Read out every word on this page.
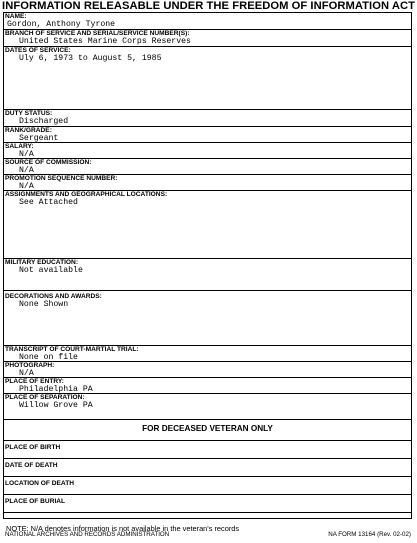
INFORMATION RELEASABLE UNDER THE FREEDOM OF INFORMATION ACT
NAME:
Gordon, Anthony Tyrone
BRANCH OF SERVICE AND SERIAL/SERVICE NUMBER(S):
United States Marine Corps Reserves
DATES OF SERVICE:
Uly 6, 1973 to August 5, 1985
DUTY STATUS:
Discharged
RANK/GRADE:
Sergeant
SALARY:
N/A
SOURCE OF COMMISSION:
N/A
PROMOTION SEQUENCE NUMBER:
N/A
ASSIGNMENTS AND GEOGRAPHICAL LOCATIONS:
See Attached
MILITARY EDUCATION:
Not available
DECORATIONS AND AWARDS:
None Shown
TRANSCRIPT OF COURT-MARTIAL TRIAL:
None on file
PHOTOGRAPH:
N/A
PLACE OF ENTRY:
Philadelphia PA
PLACE OF SEPARATION:
Willow Grove PA
FOR DECEASED VETERAN ONLY
PLACE OF BIRTH
DATE OF DEATH
LOCATION OF DEATH
PLACE OF BURIAL
NOTE: N/A denotes information is not available in the veteran's records
NATIONAL ARCHIVES AND RECORDS ADMINISTRATION	NA FORM 13164 (Rev. 02-02)
